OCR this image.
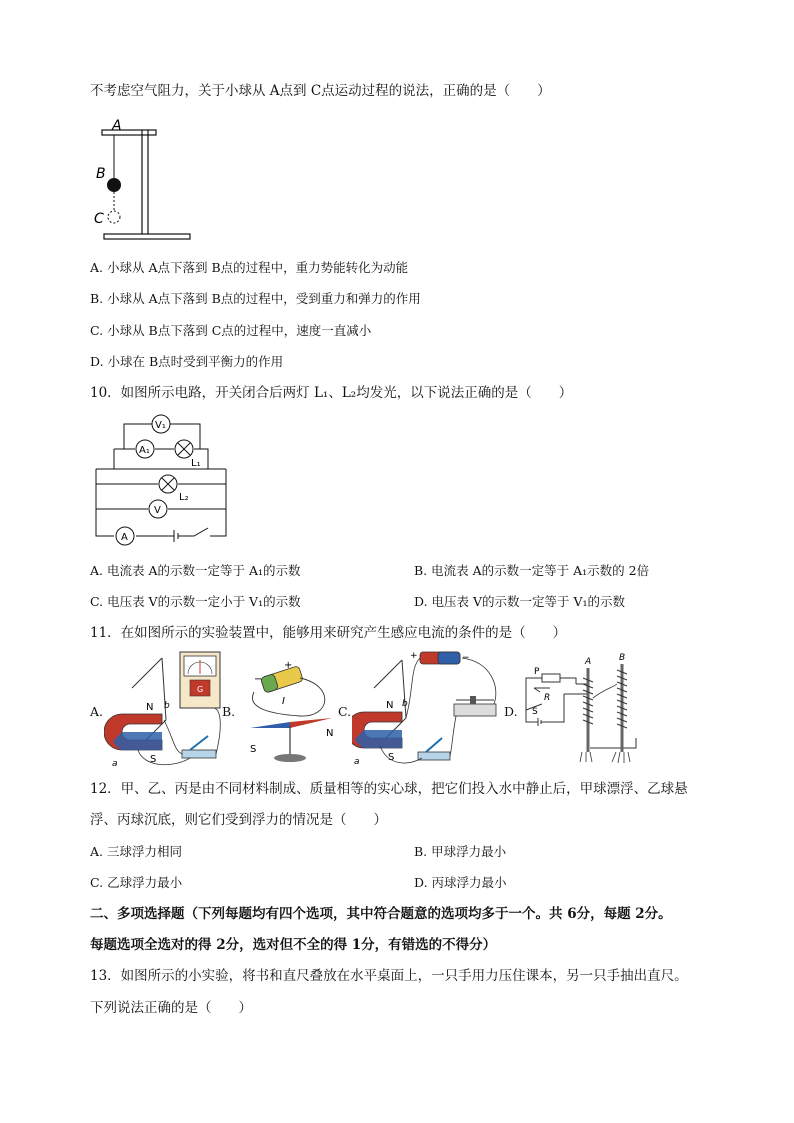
不考虑空气阻力，关于小球从 A点到 C点运动过程的说法，正确的是（　　）
A
B
C
A. 小球从 A点下落到 B点的过程中，重力势能转化为动能
B. 小球从 A点下落到 B点的过程中，受到重力和弹力的作用
C. 小球从 B点下落到 C点的过程中，速度一直减小
D. 小球在 B点时受到平衡力的作用
10．如图所示电路，开关闭合后两灯 L₁、L₂均发光，以下说法正确的是（　　）
V₁
A₁
L₁
L₂
V
A
A. 电流表 A的示数一定等于 A₁的示数	B. 电流表 A的示数一定等于 A₁示数的 2倍
C. 电压表 V的示数一定小于 V₁的示数	D. 电压表 V的示数一定等于 V₁的示数
11．在如图所示的实验装置中，能够用来研究产生感应电流的条件的是（　　）
A.	B.	C.	D.
N
S
b
a
G
+
−
I
S
N
N
S
b
a
+	−
P
R
S
A	B
12．甲、乙、丙是由不同材料制成、质量相等的实心球，把它们投入水中静止后，甲球漂浮、乙球悬
浮、丙球沉底，则它们受到浮力的情况是（　　）
A. 三球浮力相同	B. 甲球浮力最小
C. 乙球浮力最小	D. 丙球浮力最小
二、多项选择题（下列每题均有四个选项，其中符合题意的选项均多于一个。共 6分，每题 2分。
每题选项全选对的得 2分，选对但不全的得 1分，有错选的不得分）
13．如图所示的小实验，将书和直尺叠放在水平桌面上，一只手用力压住课本，另一只手抽出直尺。
下列说法正确的是（　　）
